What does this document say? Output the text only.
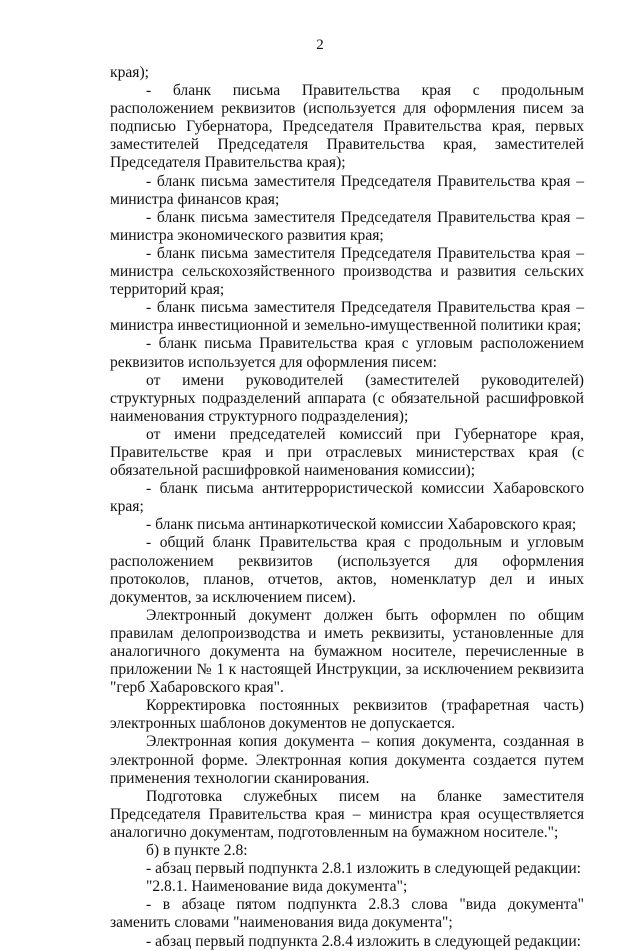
2

края);

- бланк письма Правительства края с продольным расположением реквизитов (используется для оформления писем за подписью Губернатора, Председателя Правительства края, первых заместителей Председателя Правительства края, заместителей Председателя Правительства края);

- бланк письма заместителя Председателя Правительства края – министра финансов края;

- бланк письма заместителя Председателя Правительства края – министра экономического развития края;

- бланк письма заместителя Председателя Правительства края – министра сельскохозяйственного производства и развития сельских территорий края;

- бланк письма заместителя Председателя Правительства края – министра инвестиционной и земельно-имущественной политики края;

- бланк письма Правительства края с угловым расположением реквизитов используется для оформления писем:

от имени руководителей (заместителей руководителей) структурных подразделений аппарата (с обязательной расшифровкой наименования структурного подразделения);

от имени председателей комиссий при Губернаторе края, Правительстве края и при отраслевых министерствах края (с обязательной расшифровкой наименования комиссии);

- бланк письма антитеррористической комиссии Хабаровского края;

- бланк письма антинаркотической комиссии Хабаровского края;

- общий бланк Правительства края с продольным и угловым расположением реквизитов (используется для оформления протоколов, планов, отчетов, актов, номенклатур дел и иных документов, за исключением писем).

Электронный документ должен быть оформлен по общим правилам делопроизводства и иметь реквизиты, установленные для аналогичного документа на бумажном носителе, перечисленные в приложении № 1 к настоящей Инструкции, за исключением реквизита "герб Хабаровского края".

Корректировка постоянных реквизитов (трафаретная часть) электронных шаблонов документов не допускается.

Электронная копия документа – копия документа, созданная в электронной форме. Электронная копия документа создается путем применения технологии сканирования.

Подготовка служебных писем на бланке заместителя Председателя Правительства края – министра края осуществляется аналогично документам, подготовленным на бумажном носителе.";

б) в пункте 2.8:

- абзац первый подпункта 2.8.1 изложить в следующей редакции:

"2.8.1. Наименование вида документа";

- в абзаце пятом подпункта 2.8.3 слова "вида документа" заменить словами "наименования вида документа";

- абзац первый подпункта 2.8.4 изложить в следующей редакции:
